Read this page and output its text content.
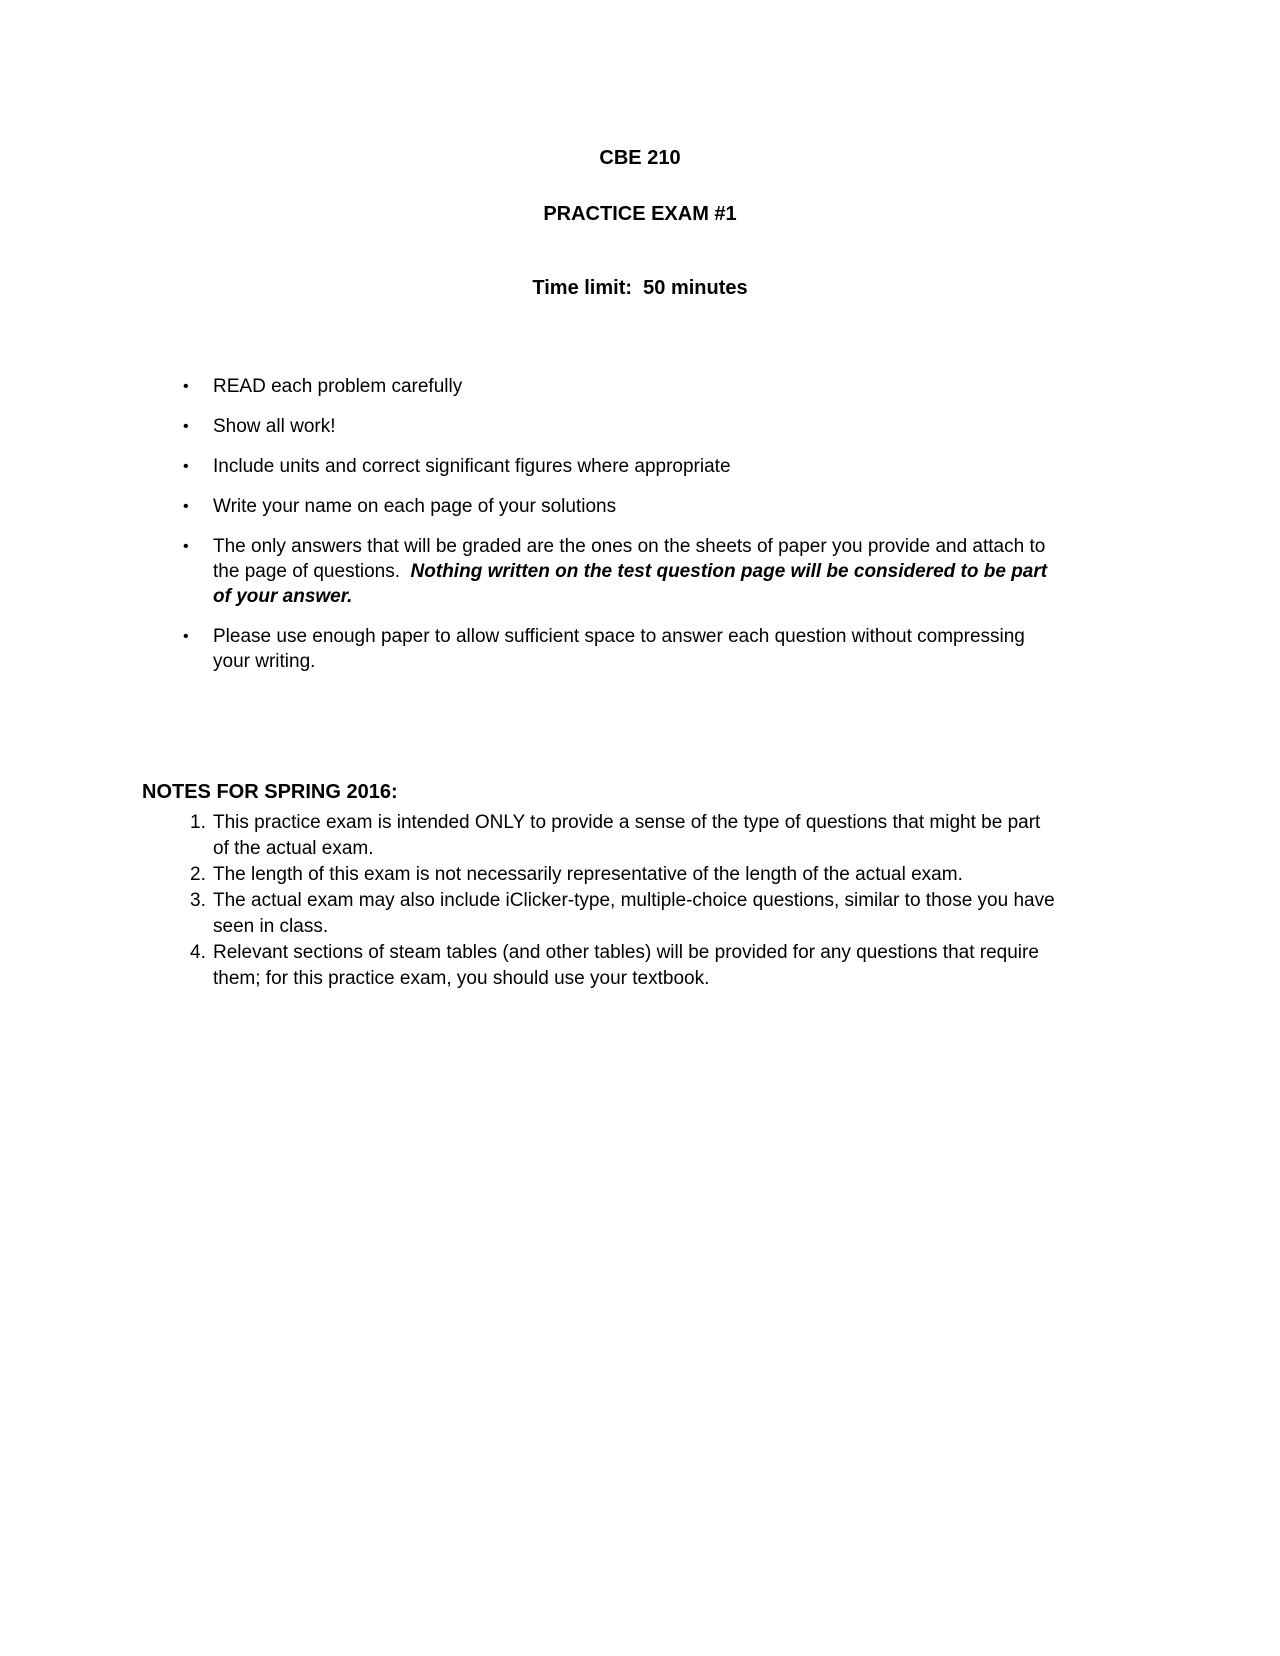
CBE 210
PRACTICE EXAM #1
Time limit:  50 minutes
•	READ each problem carefully
•	Show all work!
•	Include units and correct significant figures where appropriate
•	Write your name on each page of your solutions
•	The only answers that will be graded are the ones on the sheets of paper you provide and attach to the page of questions.  Nothing written on the test question page will be considered to be part of your answer.
•	Please use enough paper to allow sufficient space to answer each question without compressing your writing.
NOTES FOR SPRING 2016:
1. This practice exam is intended ONLY to provide a sense of the type of questions that might be part of the actual exam.
2. The length of this exam is not necessarily representative of the length of the actual exam.
3. The actual exam may also include iClicker-type, multiple-choice questions, similar to those you have seen in class.
4. Relevant sections of steam tables (and other tables) will be provided for any questions that require them; for this practice exam, you should use your textbook.
